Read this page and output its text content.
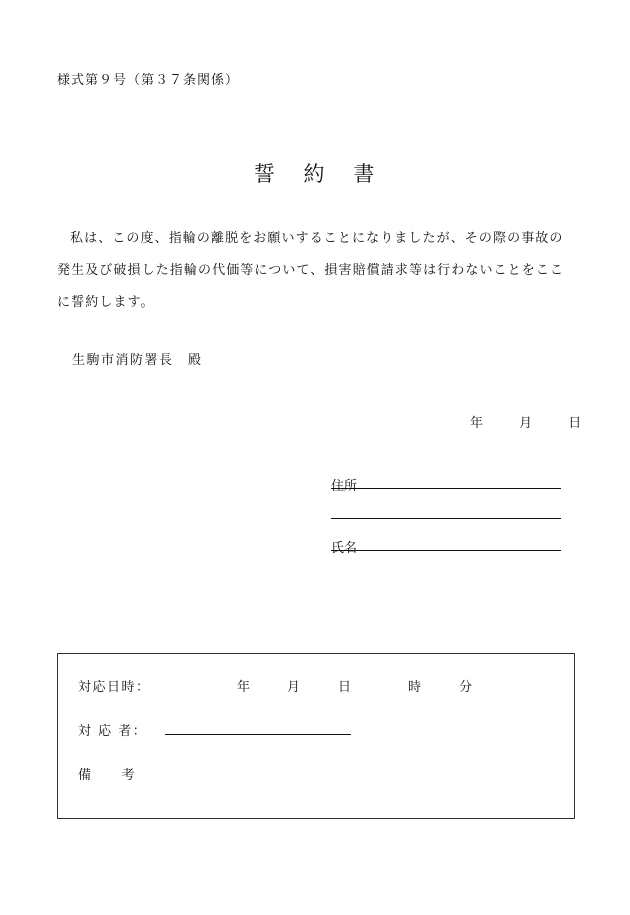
様式第９号（第３７条関係）
誓 約 書
私は、この度、指輪の離脱をお願いすることになりましたが、その際の事故の発生及び破損した指輪の代価等について、損害賠償請求等は行わないことをここに誓約します。
生駒市消防署長　殿
年	月	日
住所
氏名
対応日時：	年	月	日	時	分
対 応 者：
備　　考
